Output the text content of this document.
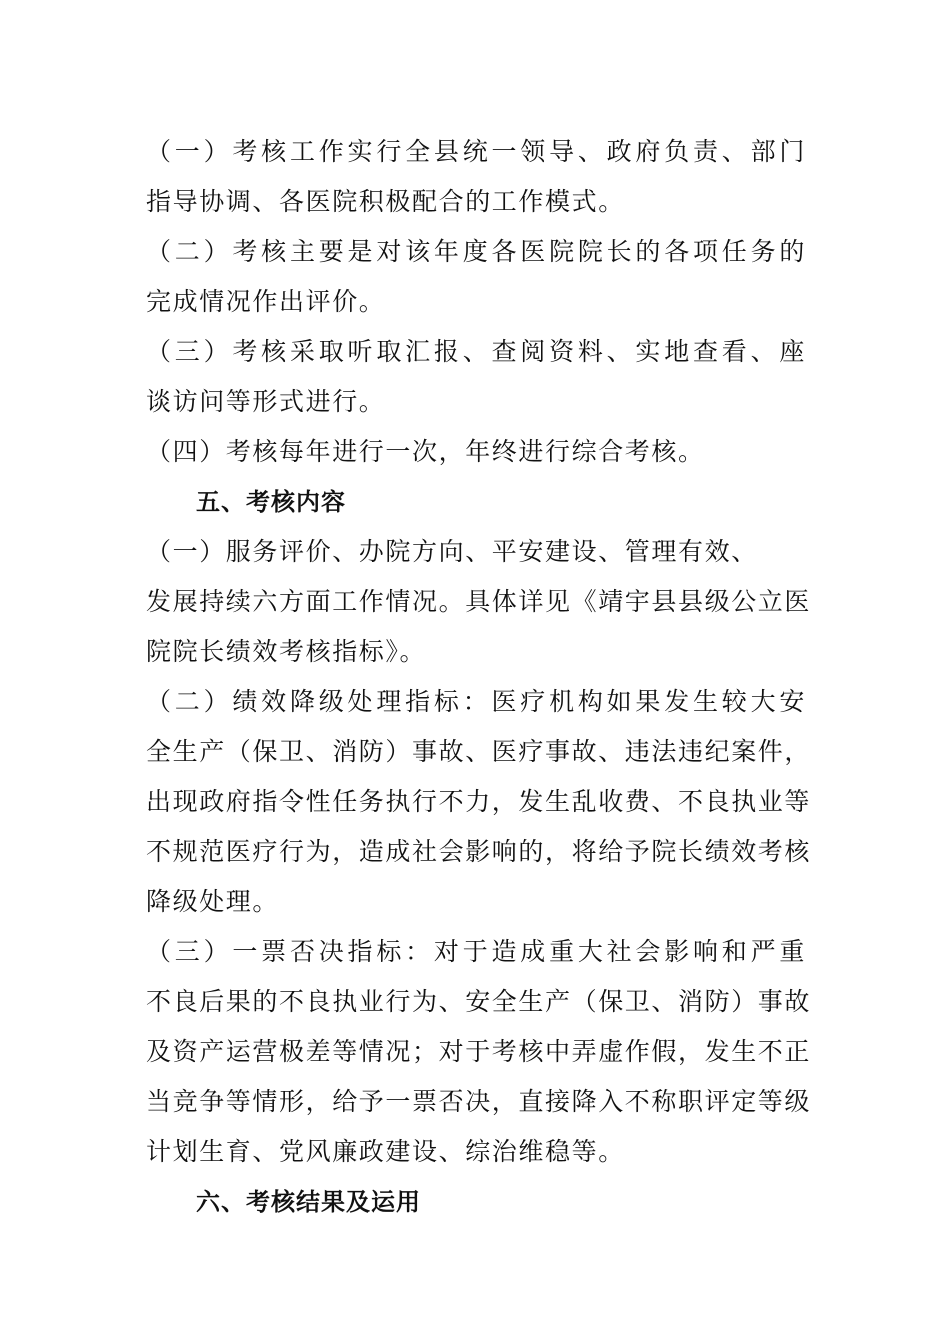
（一）考核工作实行全县统一领导、政府负责、部门
指导协调、各医院积极配合的工作模式。
（二）考核主要是对该年度各医院院长的各项任务的
完成情况作出评价。
（三）考核采取听取汇报、查阅资料、实地查看、座
谈访问等形式进行。
（四）考核每年进行一次，年终进行综合考核。
五、考核内容
（一）服务评价、办院方向、平安建设、管理有效、
发展持续六方面工作情况。具体详见《靖宇县县级公立医
院院长绩效考核指标》。
（二）绩效降级处理指标：医疗机构如果发生较大安
全生产（保卫、消防）事故、医疗事故、违法违纪案件，
出现政府指令性任务执行不力，发生乱收费、不良执业等
不规范医疗行为，造成社会影响的，将给予院长绩效考核
降级处理。
（三）一票否决指标：对于造成重大社会影响和严重
不良后果的不良执业行为、安全生产（保卫、消防）事故
及资产运营极差等情况；对于考核中弄虚作假，发生不正
当竞争等情形，给予一票否决，直接降入不称职评定等级
计划生育、党风廉政建设、综治维稳等。
六、考核结果及运用
